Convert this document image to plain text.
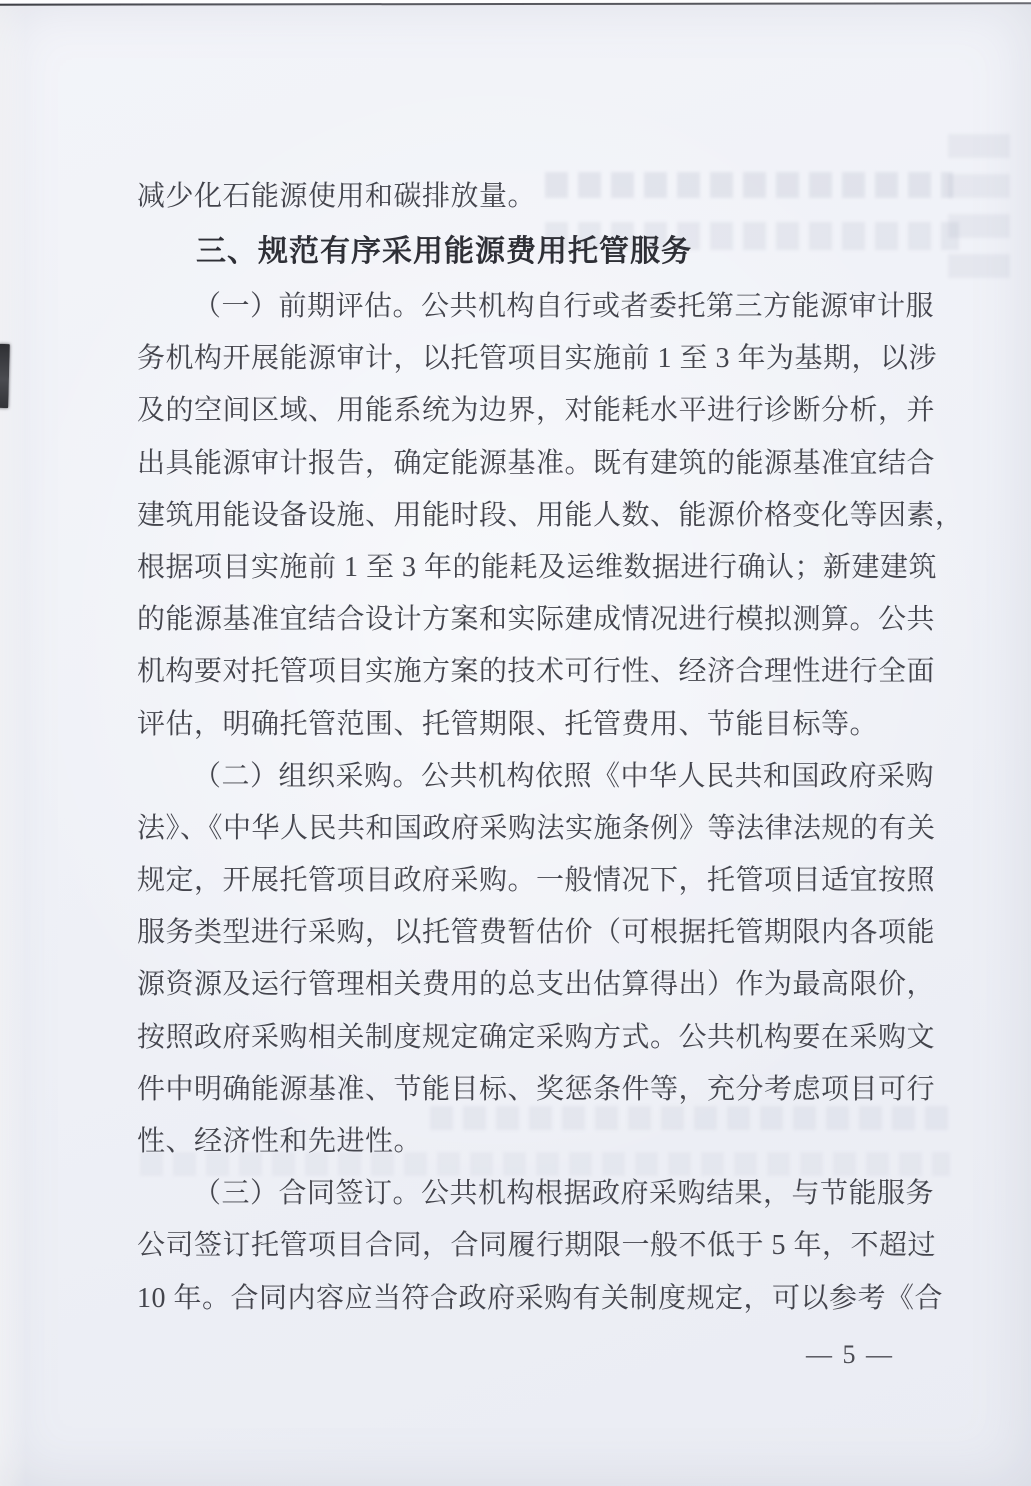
减少化石能源使用和碳排放量。
三、规范有序采用能源费用托管服务
（一）前期评估。公共机构自行或者委托第三方能源审计服
务机构开展能源审计，以托管项目实施前 1 至 3 年为基期，以涉
及的空间区域、用能系统为边界，对能耗水平进行诊断分析，并
出具能源审计报告，确定能源基准。既有建筑的能源基准宜结合
建筑用能设备设施、用能时段、用能人数、能源价格变化等因素，
根据项目实施前 1 至 3 年的能耗及运维数据进行确认；新建建筑
的能源基准宜结合设计方案和实际建成情况进行模拟测算。公共
机构要对托管项目实施方案的技术可行性、经济合理性进行全面
评估，明确托管范围、托管期限、托管费用、节能目标等。
（二）组织采购。公共机构依照《中华人民共和国政府采购
法》、《中华人民共和国政府采购法实施条例》等法律法规的有关
规定，开展托管项目政府采购。一般情况下，托管项目适宜按照
服务类型进行采购，以托管费暂估价（可根据托管期限内各项能
源资源及运行管理相关费用的总支出估算得出）作为最高限价，
按照政府采购相关制度规定确定采购方式。公共机构要在采购文
件中明确能源基准、节能目标、奖惩条件等，充分考虑项目可行
性、经济性和先进性。
（三）合同签订。公共机构根据政府采购结果，与节能服务
公司签订托管项目合同，合同履行期限一般不低于 5 年，不超过
10 年。合同内容应当符合政府采购有关制度规定，可以参考《合
— 5 —
